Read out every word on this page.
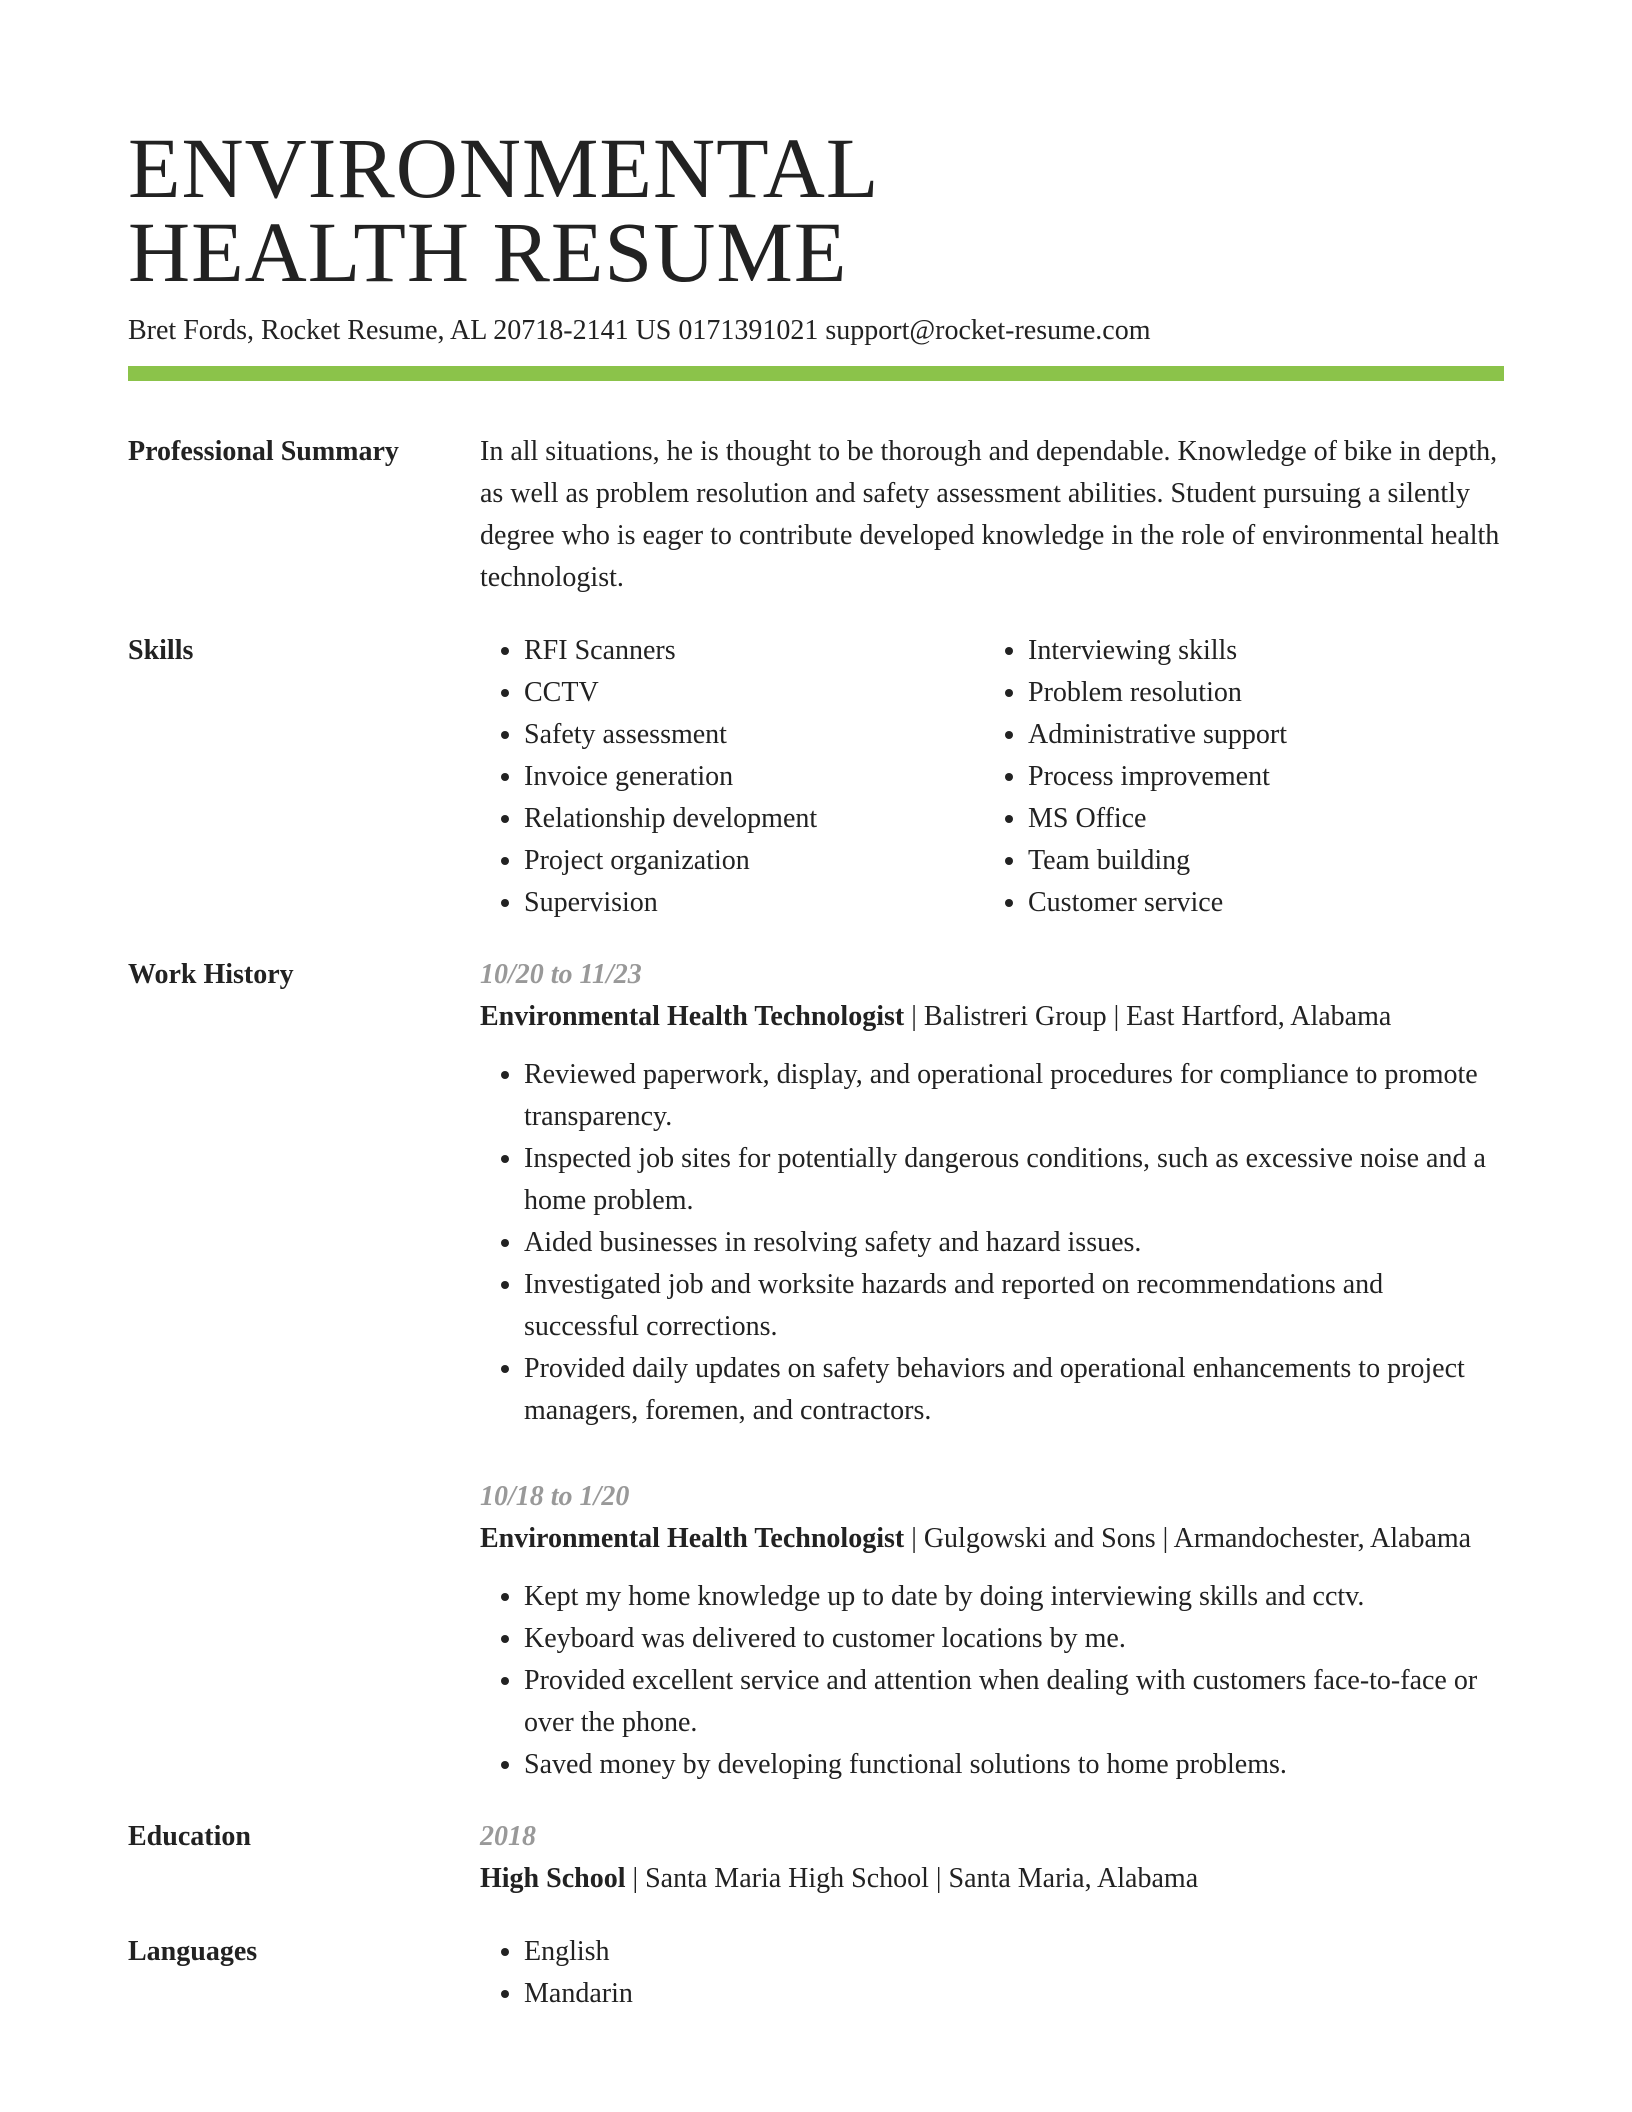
ENVIRONMENTAL
HEALTH RESUME
Bret Fords, Rocket Resume, AL 20718-2141 US 0171391021 support@rocket-resume.com
Professional Summary	In all situations, he is thought to be thorough and dependable. Knowledge of bike in depth, as well as problem resolution and safety assessment abilities. Student pursuing a silently degree who is eager to contribute developed knowledge in the role of environmental health technologist.
Skills	• RFI Scanners
• CCTV
• Safety assessment
• Invoice generation
• Relationship development
• Project organization
• Supervision
• Interviewing skills
• Problem resolution
• Administrative support
• Process improvement
• MS Office
• Team building
• Customer service
Work History	10/20 to 11/23
Environmental Health Technologist | Balistreri Group | East Hartford, Alabama
• Reviewed paperwork, display, and operational procedures for compliance to promote transparency.
• Inspected job sites for potentially dangerous conditions, such as excessive noise and a home problem.
• Aided businesses in resolving safety and hazard issues.
• Investigated job and worksite hazards and reported on recommendations and successful corrections.
• Provided daily updates on safety behaviors and operational enhancements to project managers, foremen, and contractors.
10/18 to 1/20
Environmental Health Technologist | Gulgowski and Sons | Armandochester, Alabama
• Kept my home knowledge up to date by doing interviewing skills and cctv.
• Keyboard was delivered to customer locations by me.
• Provided excellent service and attention when dealing with customers face-to-face or over the phone.
• Saved money by developing functional solutions to home problems.
Education	2018
High School | Santa Maria High School | Santa Maria, Alabama
Languages	• English
• Mandarin
